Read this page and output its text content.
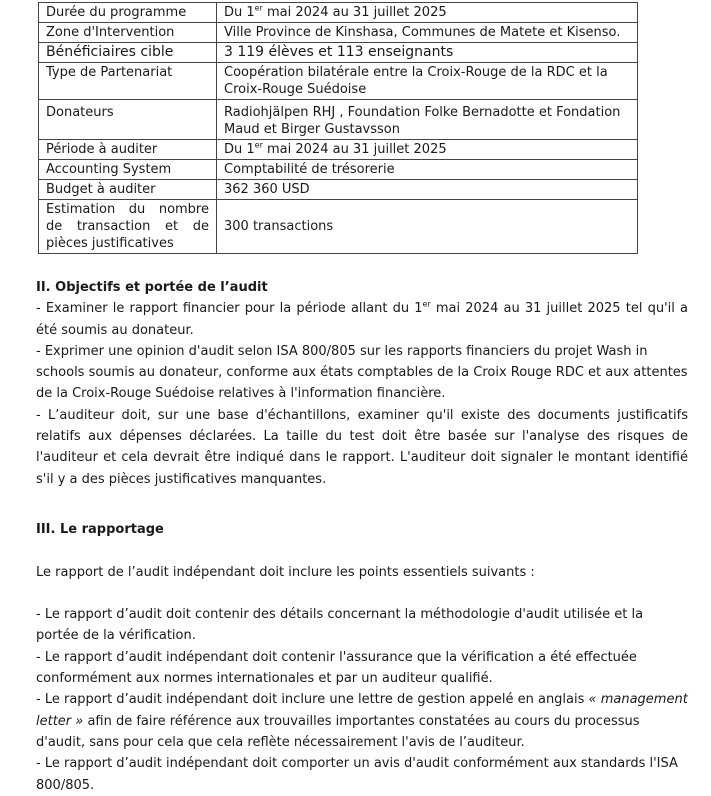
Durée du programme	Du 1er mai 2024 au 31 juillet 2025
Zone d'Intervention	Ville Province de Kinshasa, Communes de Matete et Kisenso.
Bénéficiaires cible	3 119 élèves et 113 enseignants
Type de Partenariat	Coopération bilatérale entre la Croix-Rouge de la RDC et la Croix-Rouge Suédoise
Donateurs	Radiohjälpen RHJ , Foundation Folke Bernadotte et Fondation Maud et Birger Gustavsson
Période à auditer	Du 1er mai 2024 au 31 juillet 2025
Accounting System	Comptabilité de trésorerie
Budget à auditer	362 360 USD
Estimation du nombre de transaction et de pièces justificatives	300 transactions

II. Objectifs et portée de l’audit

- Examiner le rapport financier pour la période allant du 1er mai 2024 au 31 juillet 2025 tel qu'il a été soumis au donateur.

- Exprimer une opinion d'audit selon ISA 800/805 sur les rapports financiers du projet Wash in schools soumis au donateur, conforme aux états comptables de la Croix Rouge RDC et aux attentes de la Croix-Rouge Suédoise relatives à l'information financière.

- L’auditeur doit, sur une base d'échantillons, examiner qu'il existe des documents justificatifs relatifs aux dépenses déclarées. La taille du test doit être basée sur l'analyse des risques de l'auditeur et cela devrait être indiqué dans le rapport. L'auditeur doit signaler le montant identifié s'il y a des pièces justificatives manquantes.

III. Le rapportage

Le rapport de l’audit indépendant doit inclure les points essentiels suivants :

- Le rapport d’audit doit contenir des détails concernant la méthodologie d'audit utilisée et la portée de la vérification.

- Le rapport d’audit indépendant doit contenir l'assurance que la vérification a été effectuée conformément aux normes internationales et par un auditeur qualifié.

- Le rapport d’audit indépendant doit inclure une lettre de gestion appelé en anglais « management letter » afin de faire référence aux trouvailles importantes constatées au cours du processus d'audit, sans pour cela que cela reflète nécessairement l'avis de l’auditeur.

- Le rapport d’audit indépendant doit comporter un avis d'audit conformément aux standards l'ISA 800/805.
